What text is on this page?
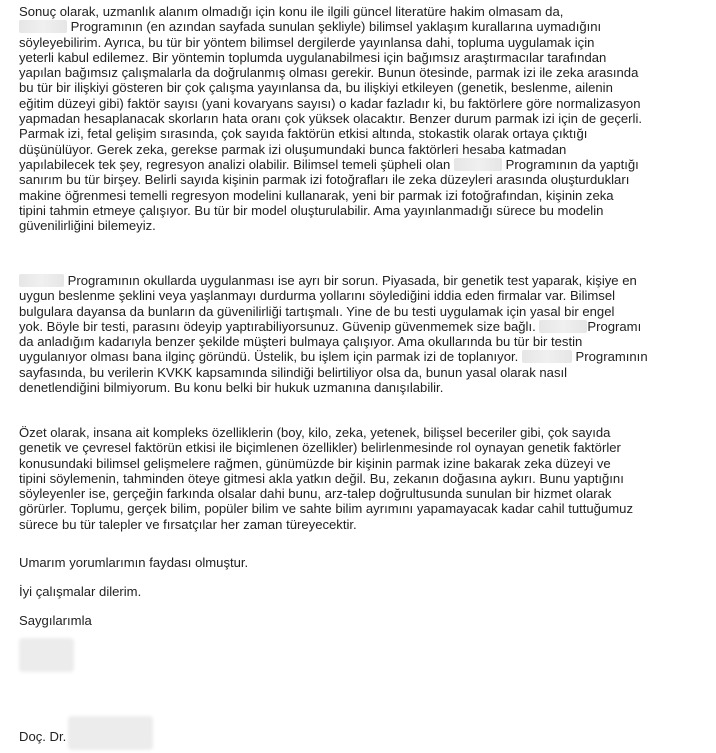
Sonuç olarak, uzmanlık alanım olmadığı için konu ile ilgili güncel literatüre hakim olmasam da,
Programının (en azından sayfada sunulan şekliyle) bilimsel yaklaşım kurallarına uymadığını
söyleyebilirim. Ayrıca, bu tür bir yöntem bilimsel dergilerde yayınlansa dahi, topluma uygulamak için
yeterli kabul edilemez. Bir yöntemin toplumda uygulanabilmesi için bağımsız araştırmacılar tarafından
yapılan bağımsız çalışmalarla da doğrulanmış olması gerekir. Bunun ötesinde, parmak izi ile zeka arasında
bu tür bir ilişkiyi gösteren bir çok çalışma yayınlansa da, bu ilişkiyi etkileyen (genetik, beslenme, ailenin
eğitim düzeyi gibi) faktör sayısı (yani kovaryans sayısı) o kadar fazladır ki, bu faktörlere göre normalizasyon
yapmadan hesaplanacak skorların hata oranı çok yüksek olacaktır. Benzer durum parmak izi için de geçerli.
Parmak izi, fetal gelişim sırasında, çok sayıda faktörün etkisi altında, stokastik olarak ortaya çıktığı
düşünülüyor. Gerek zeka, gerekse parmak izi oluşumundaki bunca faktörleri hesaba katmadan
yapılabilecek tek şey, regresyon analizi olabilir. Bilimsel temeli şüpheli olan	Programının da yaptığı
sanırım bu tür birşey. Belirli sayıda kişinin parmak izi fotoğrafları ile zeka düzeyleri arasında oluşturdukları
makine öğrenmesi temelli regresyon modelini kullanarak, yeni bir parmak izi fotoğrafından, kişinin zeka
tipini tahmin etmeye çalışıyor. Bu tür bir model oluşturulabilir. Ama yayınlanmadığı sürece bu modelin
güvenilirliğini bilemeyiz.

Programının okullarda uygulanması ise ayrı bir sorun. Piyasada, bir genetik test yaparak, kişiye en
uygun beslenme şeklini veya yaşlanmayı durdurma yollarını söylediğini iddia eden firmalar var. Bilimsel
bulgulara dayansa da bunların da güvenilirliği tartışmalı. Yine de bu testi uygulamak için yasal bir engel
yok. Böyle bir testi, parasını ödeyip yaptırabiliyorsunuz. Güvenip güvenmemek size bağlı.	Programı
da anladığım kadarıyla benzer şekilde müşteri bulmaya çalışıyor. Ama okullarında bu tür bir testin
uygulanıyor olması bana ilginç göründü. Üstelik, bu işlem için parmak izi de toplanıyor.	Programının
sayfasında, bu verilerin KVKK kapsamında silindiği belirtiliyor olsa da, bunun yasal olarak nasıl
denetlendiğini bilmiyorum. Bu konu belki bir hukuk uzmanına danışılabilir.

Özet olarak, insana ait kompleks özelliklerin (boy, kilo, zeka, yetenek, bilişsel beceriler gibi, çok sayıda
genetik ve çevresel faktörün etkisi ile biçimlenen özellikler) belirlenmesinde rol oynayan genetik faktörler
konusundaki bilimsel gelişmelere rağmen, günümüzde bir kişinin parmak izine bakarak zeka düzeyi ve
tipini söylemenin, tahminden öteye gitmesi akla yatkın değil. Bu, zekanın doğasına aykırı. Bunu yaptığını
söyleyenler ise, gerçeğin farkında olsalar dahi bunu, arz-talep doğrultusunda sunulan bir hizmet olarak
görürler. Toplumu, gerçek bilim, popüler bilim ve sahte bilim ayrımını yapamayacak kadar cahil tuttuğumuz
sürece bu tür talepler ve fırsatçılar her zaman türeyecektir.

Umarım yorumlarımın faydası olmuştur.

İyi çalışmalar dilerim.

Saygılarımla

Doç. Dr.
